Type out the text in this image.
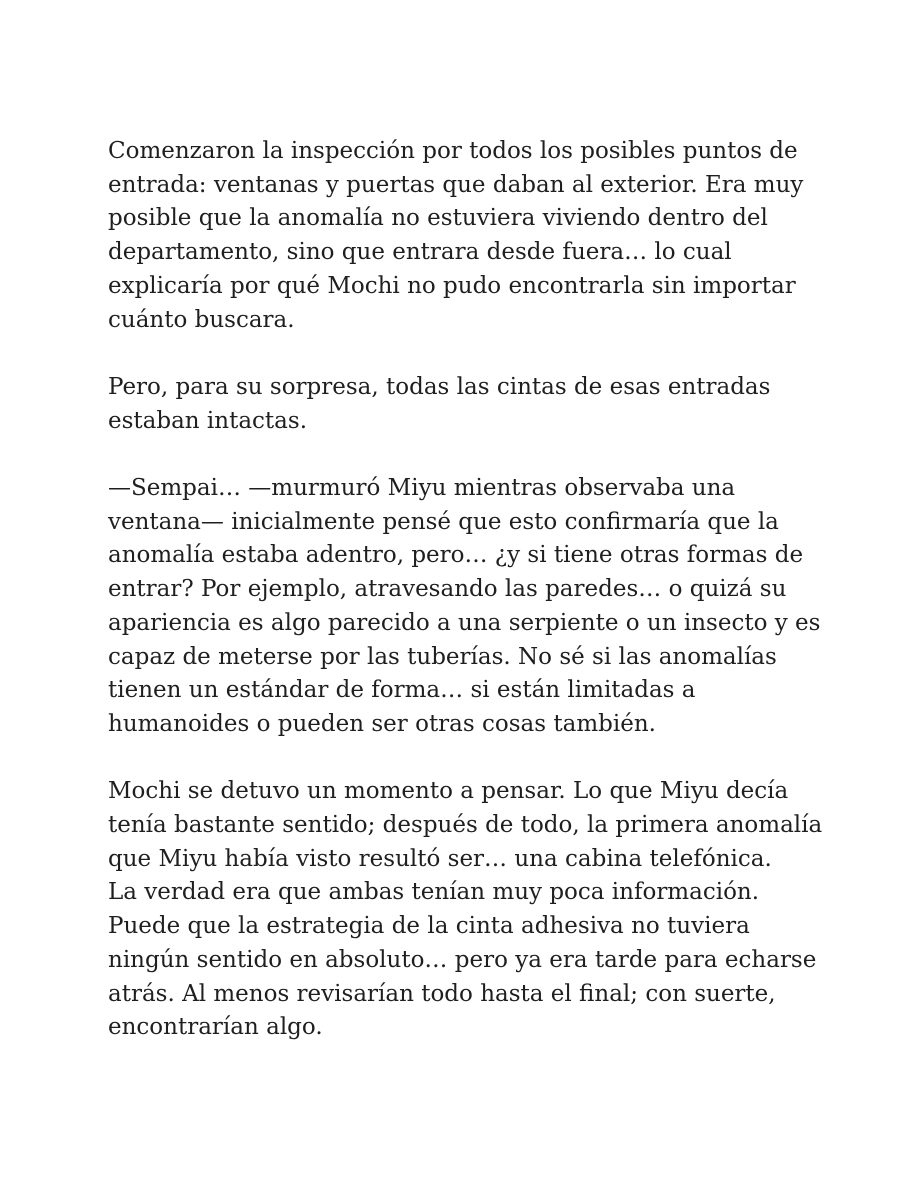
Comenzaron la inspección por todos los posibles puntos de
entrada: ventanas y puertas que daban al exterior. Era muy
posible que la anomalía no estuviera viviendo dentro del
departamento, sino que entrara desde fuera… lo cual
explicaría por qué Mochi no pudo encontrarla sin importar
cuánto buscara.

Pero, para su sorpresa, todas las cintas de esas entradas
estaban intactas.

—Sempai… —murmuró Miyu mientras observaba una
ventana— inicialmente pensé que esto confirmaría que la
anomalía estaba adentro, pero… ¿y si tiene otras formas de
entrar? Por ejemplo, atravesando las paredes… o quizá su
apariencia es algo parecido a una serpiente o un insecto y es
capaz de meterse por las tuberías. No sé si las anomalías
tienen un estándar de forma… si están limitadas a
humanoides o pueden ser otras cosas también.

Mochi se detuvo un momento a pensar. Lo que Miyu decía
tenía bastante sentido; después de todo, la primera anomalía
que Miyu había visto resultó ser… una cabina telefónica.
La verdad era que ambas tenían muy poca información.
Puede que la estrategia de la cinta adhesiva no tuviera
ningún sentido en absoluto… pero ya era tarde para echarse
atrás. Al menos revisarían todo hasta el final; con suerte,
encontrarían algo.
